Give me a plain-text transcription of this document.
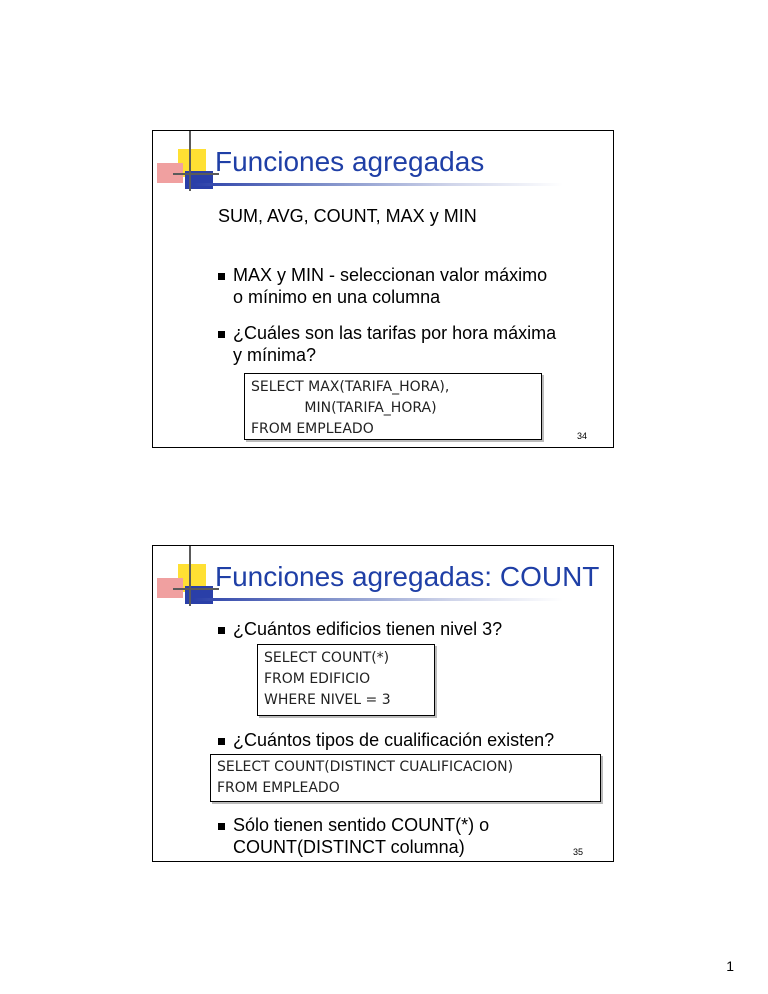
Funciones agregadas
SUM, AVG, COUNT, MAX y MIN
MAX y MIN - seleccionan valor máximo
o mínimo en una columna
¿Cuáles son las tarifas por hora máxima
y mínima?
SELECT MAX(TARIFA_HORA),
MIN(TARIFA_HORA)
FROM EMPLEADO	34
Funciones agregadas: COUNT
¿Cuántos edificios tienen nivel 3?
SELECT COUNT(*)
FROM EDIFICIO
WHERE NIVEL = 3
¿Cuántos tipos de cualificación existen?
SELECT COUNT(DISTINCT CUALIFICACION)
FROM EMPLEADO
Sólo tienen sentido COUNT(*) o
COUNT(DISTINCT columna)	35
1
